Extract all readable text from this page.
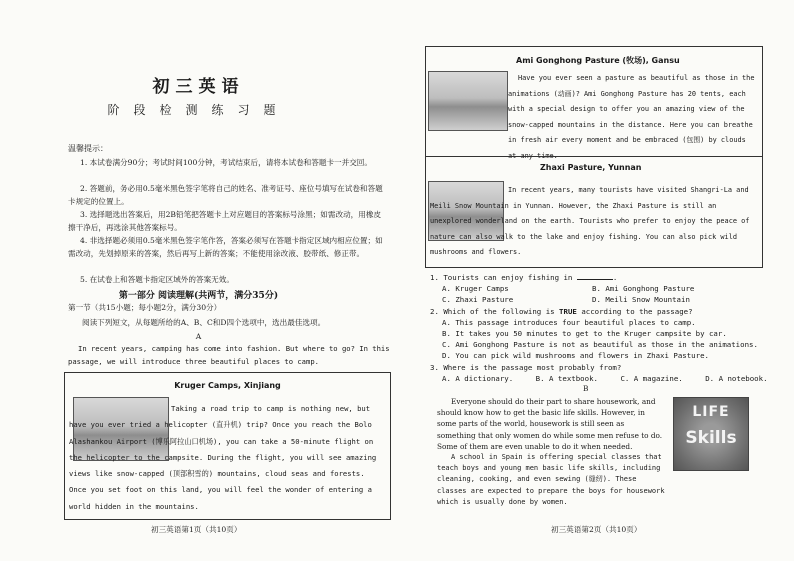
初三英语
阶段检测练习题
温馨提示：
1. 本试卷满分90分；考试时间100分钟，考试结束后，请将本试卷和答题卡一并交回。
2. 答题前，务必用0.5毫米黑色签字笔将自己的姓名、准考证号、座位号填写在试卷和答题卡规定的位置上。
3. 选择题选出答案后，用2B铅笔把答题卡上对应题目的答案标号涂黑；如需改动，用橡皮擦干净后，再选涂其他答案标号。
4. 非选择题必须用0.5毫米黑色签字笔作答，答案必须写在答题卡指定区域内相应位置；如需改动，先划掉原来的答案，然后再写上新的答案；不能使用涂改液、胶带纸、修正带。
5. 在试卷上和答题卡指定区域外的答案无效。
第一部分 阅读理解(共两节，满分35分)
第一节（共15小题；每小题2分，满分30分）
阅读下列短文，从每题所给的A、B、C和D四个选项中，选出最佳选项。
A
In recent years, camping has come into fashion. But where to go? In this passage, we will introduce three beautiful places to camp.
Kruger Camps, Xinjiang
Taking a road trip to camp is nothing new, but have you ever tried a helicopter (直升机) trip? Once you reach the Bolo Alashankou Airport (博乐阿拉山口机场), you can take a 50-minute flight on the helicopter to the campsite. During the flight, you will see amazing views like snow-capped (顶部积雪的) mountains, cloud seas and forests. Once you set foot on this land, you will feel the wonder of entering a world hidden in the mountains.
初三英语第1页（共10页）
Ami Gonghong Pasture (牧场), Gansu
Have you ever seen a pasture as beautiful as those in the animations (动画)? Ami Gonghong Pasture has 20 tents, each with a special design to offer you an amazing view of the snow-capped mountains in the distance. Here you can breathe in fresh air every moment and be embraced (包围) by clouds at any time.
Zhaxi Pasture, Yunnan
In recent years, many tourists have visited Shangri-La and Meili Snow Mountain in Yunnan. However, the Zhaxi Pasture is still an unexplored wonderland on the earth. Tourists who prefer to enjoy the peace of nature can also walk to the lake and enjoy fishing. You can also pick wild mushrooms and flowers.
1. Tourists can enjoy fishing in	.
A. Kruger Camps	B. Ami Gonghong Pasture
C. Zhaxi Pasture	D. Meili Snow Mountain
2. Which of the following is TRUE according to the passage?
A. This passage introduces four beautiful places to camp.
B. It takes you 50 minutes to get to the Kruger campsite by car.
C. Ami Gonghong Pasture is not as beautiful as those in the animations.
D. You can pick wild mushrooms and flowers in Zhaxi Pasture.
3. Where is the passage most probably from?
A. A dictionary.	B. A textbook.	C. A magazine.	D. A notebook.
Everyone should do their part to share housework, and should know how to get the basic life skills. However, in some parts of the world, housework is still seen as something that only women do while some men refuse to do. Some of them are even unable to do it when needed.
A school in Spain is offering special classes that teach boys and young men basic life skills, including cleaning, cooking, and even sewing (缝纫). These classes are expected to prepare the boys for housework which is usually done by women.
B
LIFE
Skills
初三英语第2页（共10页）
